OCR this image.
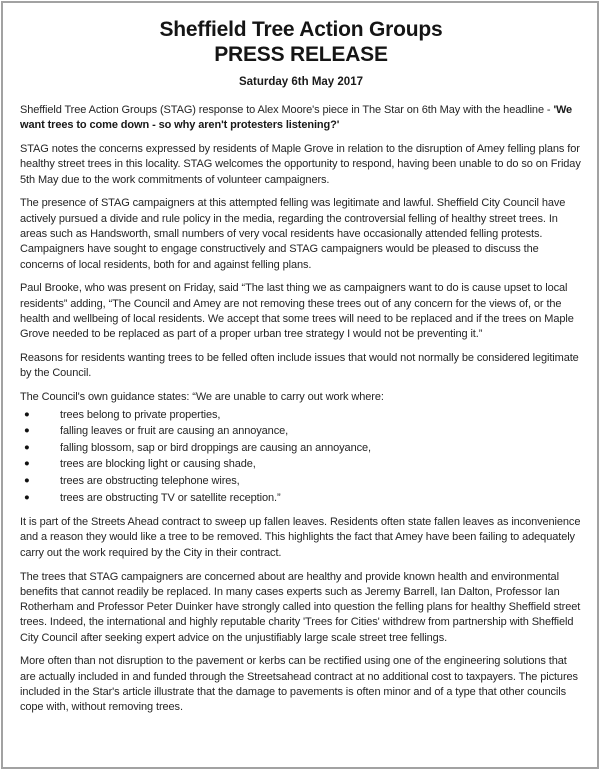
Sheffield Tree Action Groups
PRESS RELEASE
Saturday 6th May 2017

Sheffield Tree Action Groups (STAG) response to Alex Moore's piece in The Star on 6th May with the headline - 'We want trees to come down - so why aren't protesters listening?'

STAG notes the concerns expressed by residents of Maple Grove in relation to the disruption of Amey felling plans for healthy street trees in this locality. STAG welcomes the opportunity to respond, having been unable to do so on Friday 5th May due to the work commitments of volunteer campaigners.

The presence of STAG campaigners at this attempted felling was legitimate and lawful. Sheffield City Council have actively pursued a divide and rule policy in the media, regarding the controversial felling of healthy street trees. In areas such as Handsworth, small numbers of very vocal residents have occasionally attended felling protests. Campaigners have sought to engage constructively and STAG campaigners would be pleased to discuss the concerns of local residents, both for and against felling plans.

Paul Brooke, who was present on Friday, said “The last thing we as campaigners want to do is cause upset to local residents” adding, “The Council and Amey are not removing these trees out of any concern for the views of, or the health and wellbeing of local residents. We accept that some trees will need to be replaced and if the trees on Maple Grove needed to be replaced as part of a proper urban tree strategy I would not be preventing it.”

Reasons for residents wanting trees to be felled often include issues that would not normally be considered legitimate by the Council.

The Council's own guidance states: “We are unable to carry out work where:

●	trees belong to private properties,
●	falling leaves or fruit are causing an annoyance,
●	falling blossom, sap or bird droppings are causing an annoyance,
●	trees are blocking light or causing shade,
●	trees are obstructing telephone wires,
●	trees are obstructing TV or satellite reception.”

It is part of the Streets Ahead contract to sweep up fallen leaves. Residents often state fallen leaves as inconvenience and a reason they would like a tree to be removed. This highlights the fact that Amey have been failing to adequately carry out the work required by the City in their contract.

The trees that STAG campaigners are concerned about are healthy and provide known health and environmental benefits that cannot readily be replaced. In many cases experts such as Jeremy Barrell, Ian Dalton, Professor Ian Rotherham and Professor Peter Duinker have strongly called into question the felling plans for healthy Sheffield street trees. Indeed, the international and highly reputable charity 'Trees for Cities' withdrew from partnership with Sheffield City Council after seeking expert advice on the unjustifiably large scale street tree fellings.

More often than not disruption to the pavement or kerbs can be rectified using one of the engineering solutions that are actually included in and funded through the Streetsahead contract at no additional cost to taxpayers. The pictures included in the Star's article illustrate that the damage to pavements is often minor and of a type that other councils cope with, without removing trees.
